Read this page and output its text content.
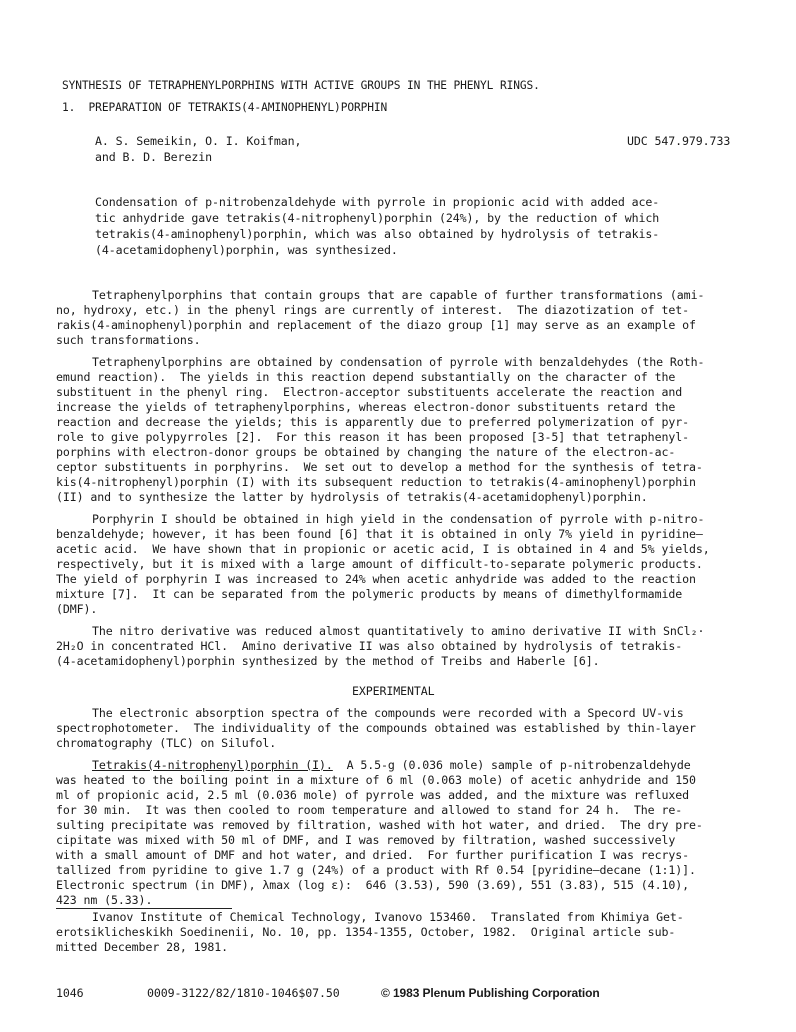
SYNTHESIS OF TETRAPHENYLPORPHINS WITH ACTIVE GROUPS IN THE PHENYL RINGS.
1.  PREPARATION OF TETRAKIS(4-AMINOPHENYL)PORPHIN
A. S. Semeikin, O. I. Koifman,
and B. D. Berezin
UDC 547.979.733
Condensation of p-nitrobenzaldehyde with pyrrole in propionic acid with added ace-
tic anhydride gave tetrakis(4-nitrophenyl)porphin (24%), by the reduction of which
tetrakis(4-aminophenyl)porphin, which was also obtained by hydrolysis of tetrakis-
(4-acetamidophenyl)porphin, was synthesized.
Tetraphenylporphins that contain groups that are capable of further transformations (ami-
no, hydroxy, etc.) in the phenyl rings are currently of interest.  The diazotization of tet-
rakis(4-aminophenyl)porphin and replacement of the diazo group [1] may serve as an example of
such transformations.
Tetraphenylporphins are obtained by condensation of pyrrole with benzaldehydes (the Roth-
emund reaction).  The yields in this reaction depend substantially on the character of the
substituent in the phenyl ring.  Electron-acceptor substituents accelerate the reaction and
increase the yields of tetraphenylporphins, whereas electron-donor substituents retard the
reaction and decrease the yields; this is apparently due to preferred polymerization of pyr-
role to give polypyrroles [2].  For this reason it has been proposed [3-5] that tetraphenyl-
porphins with electron-donor groups be obtained by changing the nature of the electron-ac-
ceptor substituents in porphyrins.  We set out to develop a method for the synthesis of tetra-
kis(4-nitrophenyl)porphin (I) with its subsequent reduction to tetrakis(4-aminophenyl)porphin
(II) and to synthesize the latter by hydrolysis of tetrakis(4-acetamidophenyl)porphin.
Porphyrin I should be obtained in high yield in the condensation of pyrrole with p-nitro-
benzaldehyde; however, it has been found [6] that it is obtained in only 7% yield in pyridine–
acetic acid.  We have shown that in propionic or acetic acid, I is obtained in 4 and 5% yields,
respectively, but it is mixed with a large amount of difficult-to-separate polymeric products.
The yield of porphyrin I was increased to 24% when acetic anhydride was added to the reaction
mixture [7].  It can be separated from the polymeric products by means of dimethylformamide
(DMF).
The nitro derivative was reduced almost quantitatively to amino derivative II with SnCl₂·
2H₂O in concentrated HCl.  Amino derivative II was also obtained by hydrolysis of tetrakis-
(4-acetamidophenyl)porphin synthesized by the method of Treibs and Haberle [6].
EXPERIMENTAL
The electronic absorption spectra of the compounds were recorded with a Specord UV-vis
spectrophotometer.  The individuality of the compounds obtained was established by thin-layer
chromatography (TLC) on Silufol.
Tetrakis(4-nitrophenyl)porphin (I).  A 5.5-g (0.036 mole) sample of p-nitrobenzaldehyde
was heated to the boiling point in a mixture of 6 ml (0.063 mole) of acetic anhydride and 150
ml of propionic acid, 2.5 ml (0.036 mole) of pyrrole was added, and the mixture was refluxed
for 30 min.  It was then cooled to room temperature and allowed to stand for 24 h.  The re-
sulting precipitate was removed by filtration, washed with hot water, and dried.  The dry pre-
cipitate was mixed with 50 ml of DMF, and I was removed by filtration, washed successively
with a small amount of DMF and hot water, and dried.  For further purification I was recrys-
tallized from pyridine to give 1.7 g (24%) of a product with Rf 0.54 [pyridine–decane (1:1)].
Electronic spectrum (in DMF), λmax (log ε):  646 (3.53), 590 (3.69), 551 (3.83), 515 (4.10),
423 nm (5.33).
Ivanov Institute of Chemical Technology, Ivanovo 153460.  Translated from Khimiya Get-
erotsiklicheskikh Soedinenii, No. 10, pp. 1354-1355, October, 1982.  Original article sub-
mitted December 28, 1981.
1046	0009-3122/82/1810-1046$07.50	© 1983 Plenum Publishing Corporation
